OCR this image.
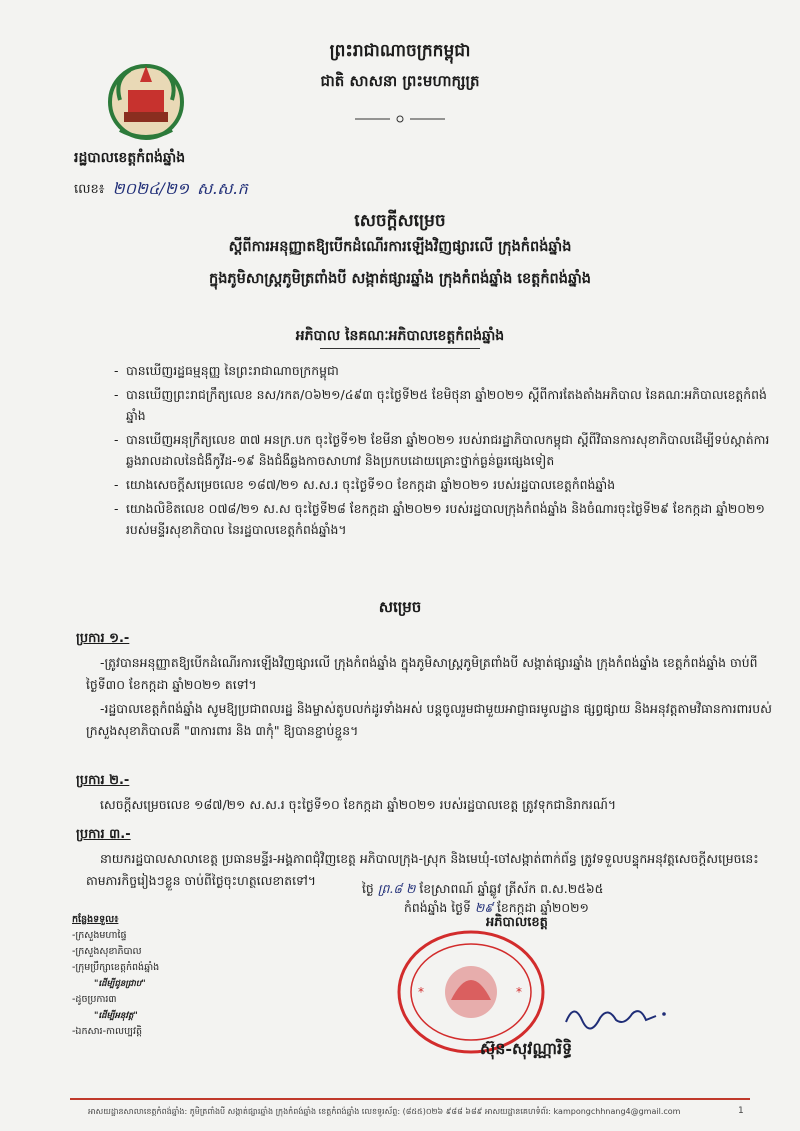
ព្រះរាជាណាចក្រកម្ពុជា
ជាតិ សាសនា ព្រះមហាក្សត្រ
រដ្ឋបាលខេត្តកំពង់ឆ្នាំង
លេខ៖ ២០២៤/២១ ស.ស.ក
សេចក្តីសម្រេច
ស្តីពីការអនុញ្ញាតឱ្យបើកដំណើរការឡើងវិញផ្សារលើ ក្រុងកំពង់ឆ្នាំង
ក្នុងភូមិសាស្រ្តភូមិត្រពាំងបី សង្កាត់ផ្សារឆ្នាំង ក្រុងកំពង់ឆ្នាំង ខេត្តកំពង់ឆ្នាំង
អភិបាល នៃគណៈអភិបាលខេត្តកំពង់ឆ្នាំង
- បានឃើញរដ្ឋធម្មនុញ្ញ នៃព្រះរាជាណាចក្រកម្ពុជា
- បានឃើញព្រះរាជក្រឹត្យលេខ នស/រកត/០៦២១/៤៩៣ ចុះថ្ងៃទី២៥ ខែមិថុនា ឆ្នាំ២០២១ ស្តីពីការតែងតាំងអភិបាល នៃគណៈអភិបាលខេត្តកំពង់ឆ្នាំង
- បានឃើញអនុក្រឹត្យលេខ ៣៧ អនក្រ.បក ចុះថ្ងៃទី១២ ខែមីនា ឆ្នាំ២០២១ របស់រាជរដ្ឋាភិបាលកម្ពុជា ស្តីពីវិធានការសុខាភិបាលដើម្បីទប់ស្កាត់ការឆ្លងរាលដាលនៃជំងឺកូវីដ-១៩ និងជំងឺឆ្លងកាចសាហាវ និងប្រកបដោយគ្រោះថ្នាក់ធ្ងន់ធ្ងរផ្សេងទៀត
- យោងសេចក្តីសម្រេចលេខ ១៨៧/២១ ស.ស.រ ចុះថ្ងៃទី១០ ខែកក្កដា ឆ្នាំ២០២១ របស់រដ្ឋបាលខេត្តកំពង់ឆ្នាំង
- យោងលិខិតលេខ ០៧៨/២១ ស.ស ចុះថ្ងៃទី២៨ ខែកក្កដា ឆ្នាំ២០២១ របស់រដ្ឋបាលក្រុងកំពង់ឆ្នាំង និងចំណារចុះថ្ងៃទី២៩ ខែកក្កដា ឆ្នាំ២០២១ របស់មន្ទីរសុខាភិបាល នៃរដ្ឋបាលខេត្តកំពង់ឆ្នាំង។
សម្រេច
ប្រការ ១.-
-ត្រូវបានអនុញ្ញាតឱ្យបើកដំណើរការឡើងវិញផ្សារលើ ក្រុងកំពង់ឆ្នាំង ក្នុងភូមិសាស្រ្តភូមិត្រពាំងបី សង្កាត់ផ្សារឆ្នាំង ក្រុងកំពង់ឆ្នាំង ខេត្តកំពង់ឆ្នាំង ចាប់ពីថ្ងៃទី៣០ ខែកក្កដា ឆ្នាំ២០២១ តទៅ។
-រដ្ឋបាលខេត្តកំពង់ឆ្នាំង សូមឱ្យប្រជាពលរដ្ឋ និងម្ចាស់តូបលក់ដូរទាំងអស់ បន្តចូលរួមជាមួយអាជ្ញាធរមូលដ្ឋាន ផ្សព្វផ្សាយ និងអនុវត្តតាមវិធានការពារបស់ក្រសួងសុខាភិបាលគឺ "៣ការពារ និង ៣កុំ" ឱ្យបានខ្ជាប់ខ្ជួន។
ប្រការ ២.-
សេចក្តីសម្រេចលេខ ១៨៧/២១ ស.ស.រ ចុះថ្ងៃទី១០ ខែកក្កដា ឆ្នាំ២០២១ របស់រដ្ឋបាលខេត្ត ត្រូវទុកជានិរាករណ៍។
ប្រការ ៣.-
នាយករដ្ឋបាលសាលាខេត្ត ប្រធានមន្ទីរ-អង្គភាពជុំវិញខេត្ត អភិបាលក្រុង-ស្រុក និងមេឃុំ-ចៅសង្កាត់ពាក់ព័ន្ធ ត្រូវទទួលបន្ទុកអនុវត្តសេចក្តីសម្រេចនេះតាមភារកិច្ចរៀងៗខ្លួន ចាប់ពីថ្ងៃចុះហត្ថលេខាតទៅ។
ថ្ងៃ ព្រ.៨ ២ ខែស្រាពណ៍ ឆ្នាំឆ្លូវ ត្រីស័ក ព.ស.២៥៦៥
កំពង់ឆ្នាំង ថ្ងៃទី ២៩ ខែកក្កដា ឆ្នាំ២០២១
*	*
អភិបាលខេត្ត
ស៊ុន-សុវណ្ណារិទ្ធិ
កន្លែងទទួល៖
-ក្រសួងមហាផ្ទៃ
-ក្រសួងសុខាភិបាល
-ក្រុមប្រឹក្សាខេត្តកំពង់ឆ្នាំង
"ដើម្បីជូនជ្រាប"
-ដូចប្រការ៣
"ដើម្បីអនុវត្ត"
-ឯកសារ-កាលប្បវត្តិ
អាសយដ្ឋានសាលាខេត្តកំពង់ឆ្នាំង: ភូមិត្រពាំងបី សង្កាត់ផ្សារឆ្នាំង ក្រុងកំពង់ឆ្នាំង ខេត្តកំពង់ឆ្នាំង លេខទូរស័ព្ទ: (៨៥៥)០២៦ ៩៨៨ ៦៨៩ អាសយដ្ឋានគេហទំព័រ: kampongchhnang4@gmail.com	1
